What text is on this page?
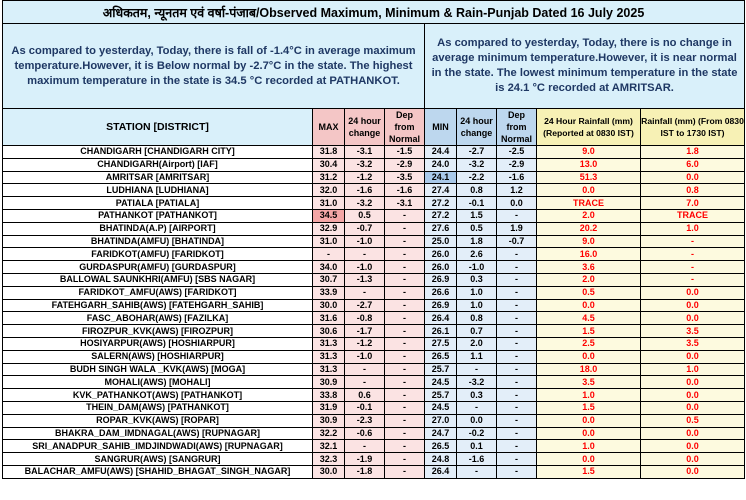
अधिकतम, न्यूनतम एवं वर्षा-पंजाब/Observed Maximum, Minimum & Rain-Punjab Dated 16 July 2025								
As compared to yesterday, Today, there is fall of -1.4°C in average maximum temperature.However, it is Below normal by -2.7°C in the state. The highest maximum temperature in the state is 34.5 °C recorded at PATHANKOT.				As compared to yesterday, Today, there is no change in average minimum temperature.However, it is near normal in the state. The lowest minimum temperature in the state is 24.1 °C recorded at AMRITSAR.				
STATION [DISTRICT]	MAX	24 hour change	Dep from Normal	MIN	24 hour change	Dep from Normal	24 Hour Rainfall (mm) (Reported at 0830 IST)	Rainfall (mm) (From 0830 IST to 1730 IST)
CHANDIGARH [CHANDIGARH CITY]	31.8	-3.1	-1.5	24.4	-2.7	-2.5	9.0	1.8
CHANDIGARH(Airport) [IAF]	30.4	-3.2	-2.9	24.0	-3.2	-2.9	13.0	6.0
AMRITSAR [AMRITSAR]	31.2	-1.2	-3.5	24.1	-2.2	-1.6	51.3	0.0
LUDHIANA [LUDHIANA]	32.0	-1.6	-1.6	27.4	0.8	1.2	0.0	0.8
PATIALA [PATIALA]	31.0	-3.2	-3.1	27.2	-0.1	0.0	TRACE	7.0
PATHANKOT [PATHANKOT]	34.5	0.5	-	27.2	1.5	-	2.0	TRACE
BHATINDA(A.P) [AIRPORT]	32.9	-0.7	-	27.6	0.5	1.9	20.2	1.0
BHATINDA(AMFU) [BHATINDA]	31.0	-1.0	-	25.0	1.8	-0.7	9.0	-
FARIDKOT(AMFU) [FARIDKOT]	-	-	-	26.0	2.6	-	16.0	-
GURDASPUR(AMFU) [GURDASPUR]	34.0	-1.0	-	26.0	-1.0	-	3.6	-
BALLOWAL SAUNKHRI(AMFU) [SBS NAGAR]	30.7	-1.3	-	26.9	0.3	-	2.0	-
FARIDKOT_AMFU(AWS) [FARIDKOT]	33.9	-	-	26.6	1.0	-	0.5	0.0
FATEHGARH_SAHIB(AWS) [FATEHGARH_SAHIB]	30.0	-2.7	-	26.9	1.0	-	0.0	0.0
FASC_ABOHAR(AWS) [FAZILKA]	31.6	-0.8	-	26.4	0.8	-	4.5	0.0
FIROZPUR_KVK(AWS) [FIROZPUR]	30.6	-1.7	-	26.1	0.7	-	1.5	3.5
HOSIYARPUR(AWS) [HOSHIARPUR]	31.3	-1.2	-	27.5	2.0	-	2.5	3.5
SALERN(AWS) [HOSHIARPUR]	31.3	-1.0	-	26.5	1.1	-	0.0	0.0
BUDH SINGH WALA _KVK(AWS) [MOGA]	31.3	-	-	25.7	-	-	18.0	1.0
MOHALI(AWS) [MOHALI]	30.9	-	-	24.5	-3.2	-	3.5	0.0
KVK_PATHANKOT(AWS) [PATHANKOT]	33.8	0.6	-	25.7	0.3	-	1.0	0.0
THEIN_DAM(AWS) [PATHANKOT]	31.9	-0.1	-	24.5	-	-	1.5	0.0
ROPAR_KVK(AWS) [ROPAR]	30.9	-2.3	-	27.0	0.0	-	0.0	0.5
BHAKRA_DAM_IMDNAGAL(AWS) [RUPNAGAR]	32.2	-0.6	-	24.7	-0.2	-	0.0	0.0
SRI_ANADPUR_SAHIB_IMDJINDWADI(AWS) [RUPNAGAR]	32.1	-	-	26.5	0.1	-	1.0	0.0
SANGRUR(AWS) [SANGRUR]	32.3	-1.9	-	24.8	-1.6	-	0.0	0.0
BALACHAR_AMFU(AWS) [SHAHID_BHAGAT_SINGH_NAGAR]	30.0	-1.8	-	26.4	-	-	1.5	0.0
